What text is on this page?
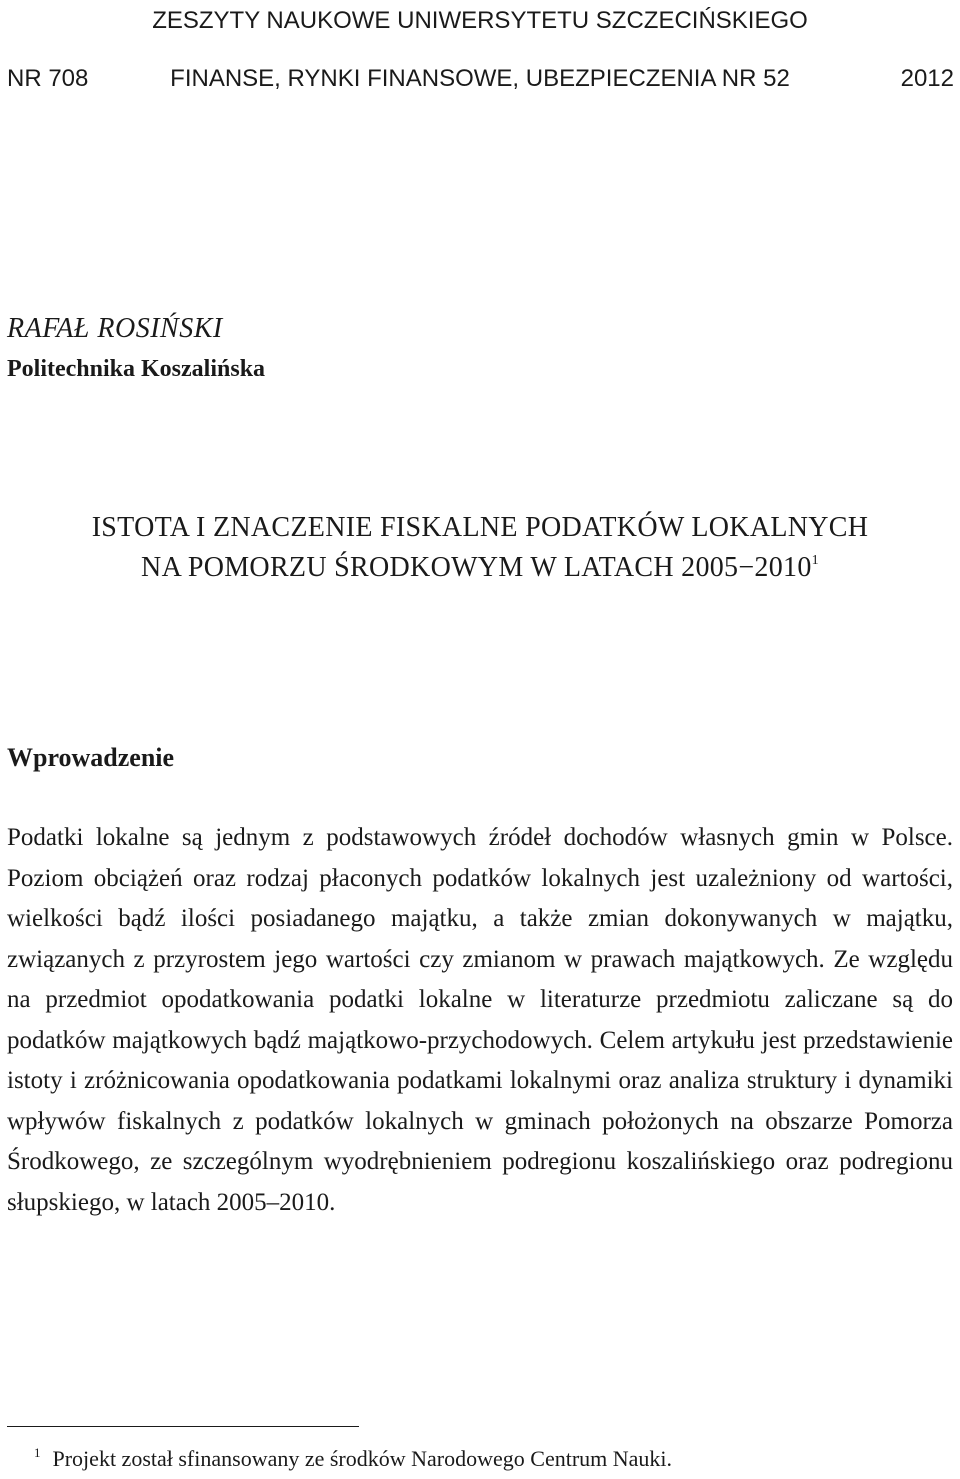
ZESZYTY NAUKOWE UNIWERSYTETU SZCZECIŃSKIEGO
NR 708	FINANSE, RYNKI FINANSOWE, UBEZPIECZENIA NR 52	2012
RAFAŁ ROSIŃSKI
Politechnika Koszalińska
ISTOTA I ZNACZENIE FISKALNE PODATKÓW LOKALNYCH
NA POMORZU ŚRODKOWYM W LATACH $2005-2010^1$
Wprowadzenie

Podatki lokalne są jednym z podstawowych źródeł dochodów własnych gmin w Polsce. Poziom obciążeń oraz rodzaj płaconych podatków lokalnych jest uzależniony od wartości, wielkości bądź ilości posiadanego majątku, a także zmian dokonywanych w majątku, związanych z przyrostem jego wartości czy zmianom w prawach majątkowych. Ze względu na przedmiot opodatkowania podatki lokalne w literaturze przedmiotu zaliczane są do podatków majątkowych bądź majątkowo-przychodowych. Celem artykułu jest przedstawienie istoty i zróżnicowania opodatkowania podatkami lokalnymi oraz analiza struktury i dynamiki wpływów fiskalnych z podatków lokalnych w gminach położonych na obszarze Pomorza Środkowego, ze szczególnym wyodrębnieniem podregionu koszalińskiego oraz podregionu słupskiego, w latach 2005–2010.

$^1$ Projekt został sfinansowany ze środków Narodowego Centrum Nauki.
